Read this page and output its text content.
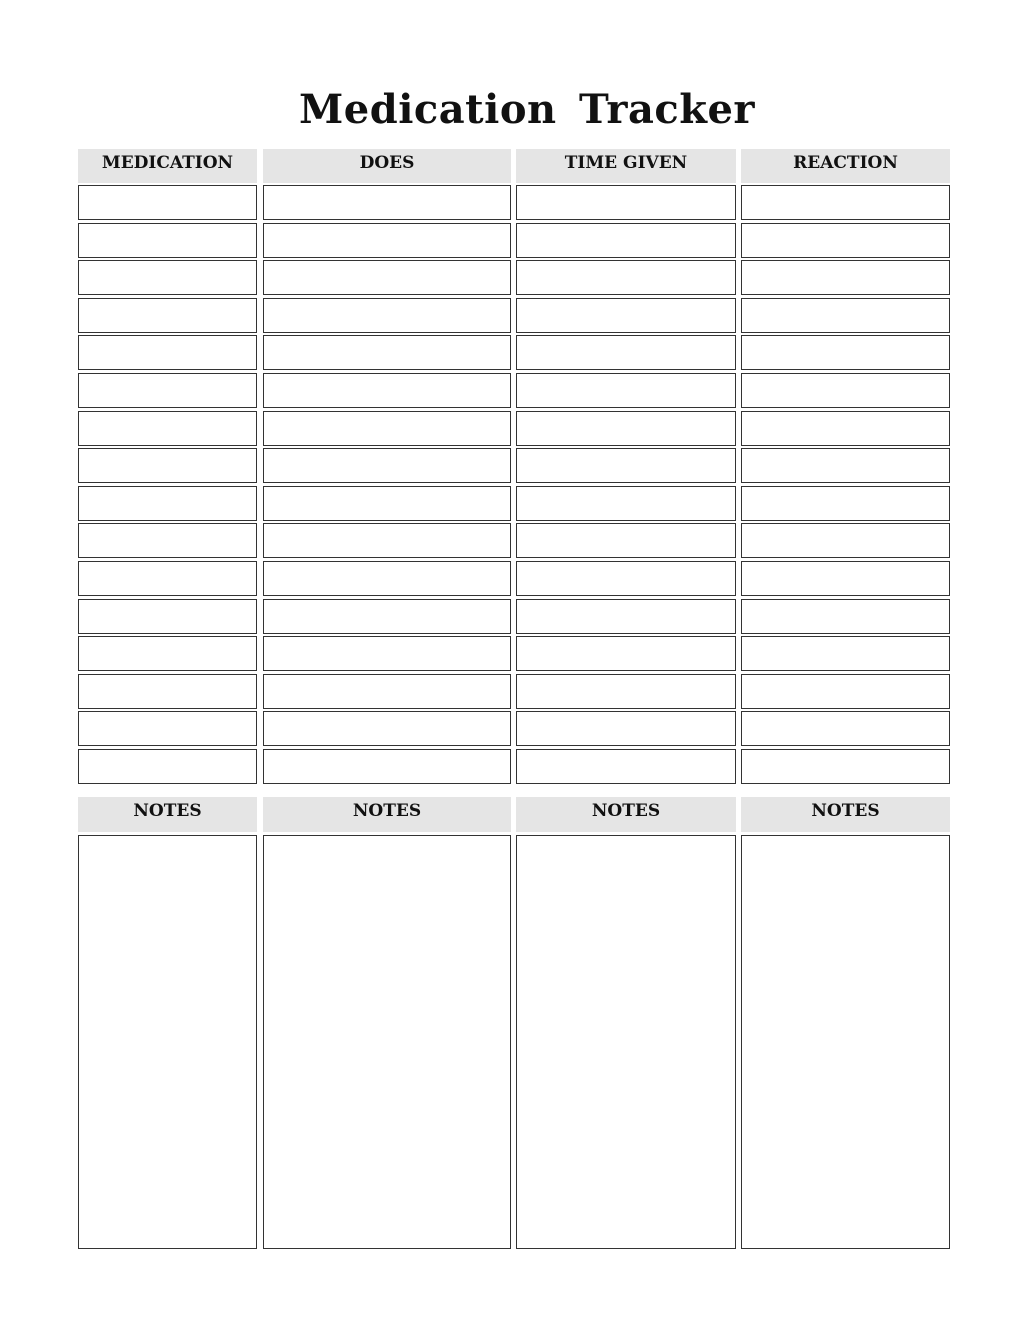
Medication Tracker
MEDICATION
NOTES
DOES
NOTES
TIME GIVEN
NOTES
REACTION
NOTES
